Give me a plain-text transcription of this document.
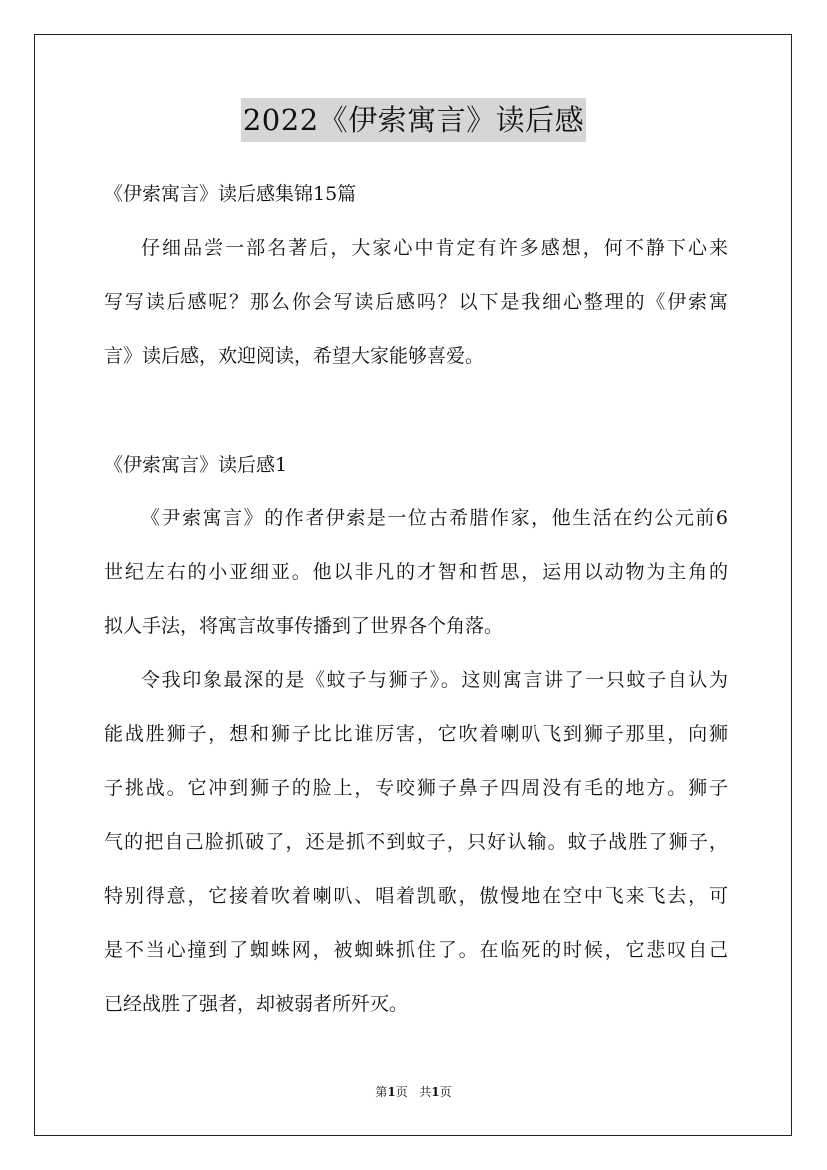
2022《伊索寓言》读后感
《伊索寓言》读后感集锦15篇
仔细品尝一部名著后，大家心中肯定有许多感想，何不静下心来
写写读后感呢？那么你会写读后感吗？以下是我细心整理的《伊索寓
言》读后感，欢迎阅读，希望大家能够喜爱。
《伊索寓言》读后感1
《尹索寓言》的作者伊索是一位古希腊作家，他生活在约公元前6
世纪左右的小亚细亚。他以非凡的才智和哲思，运用以动物为主角的
拟人手法，将寓言故事传播到了世界各个角落。
令我印象最深的是《蚊子与狮子》。这则寓言讲了一只蚊子自认为
能战胜狮子，想和狮子比比谁厉害，它吹着喇叭飞到狮子那里，向狮
子挑战。它冲到狮子的脸上，专咬狮子鼻子四周没有毛的地方。狮子
气的把自己脸抓破了，还是抓不到蚊子，只好认输。蚊子战胜了狮子，
特别得意，它接着吹着喇叭、唱着凯歌，傲慢地在空中飞来飞去，可
是不当心撞到了蜘蛛网，被蜘蛛抓住了。在临死的时候，它悲叹自己
已经战胜了强者，却被弱者所歼灭。
第1页 共1页
